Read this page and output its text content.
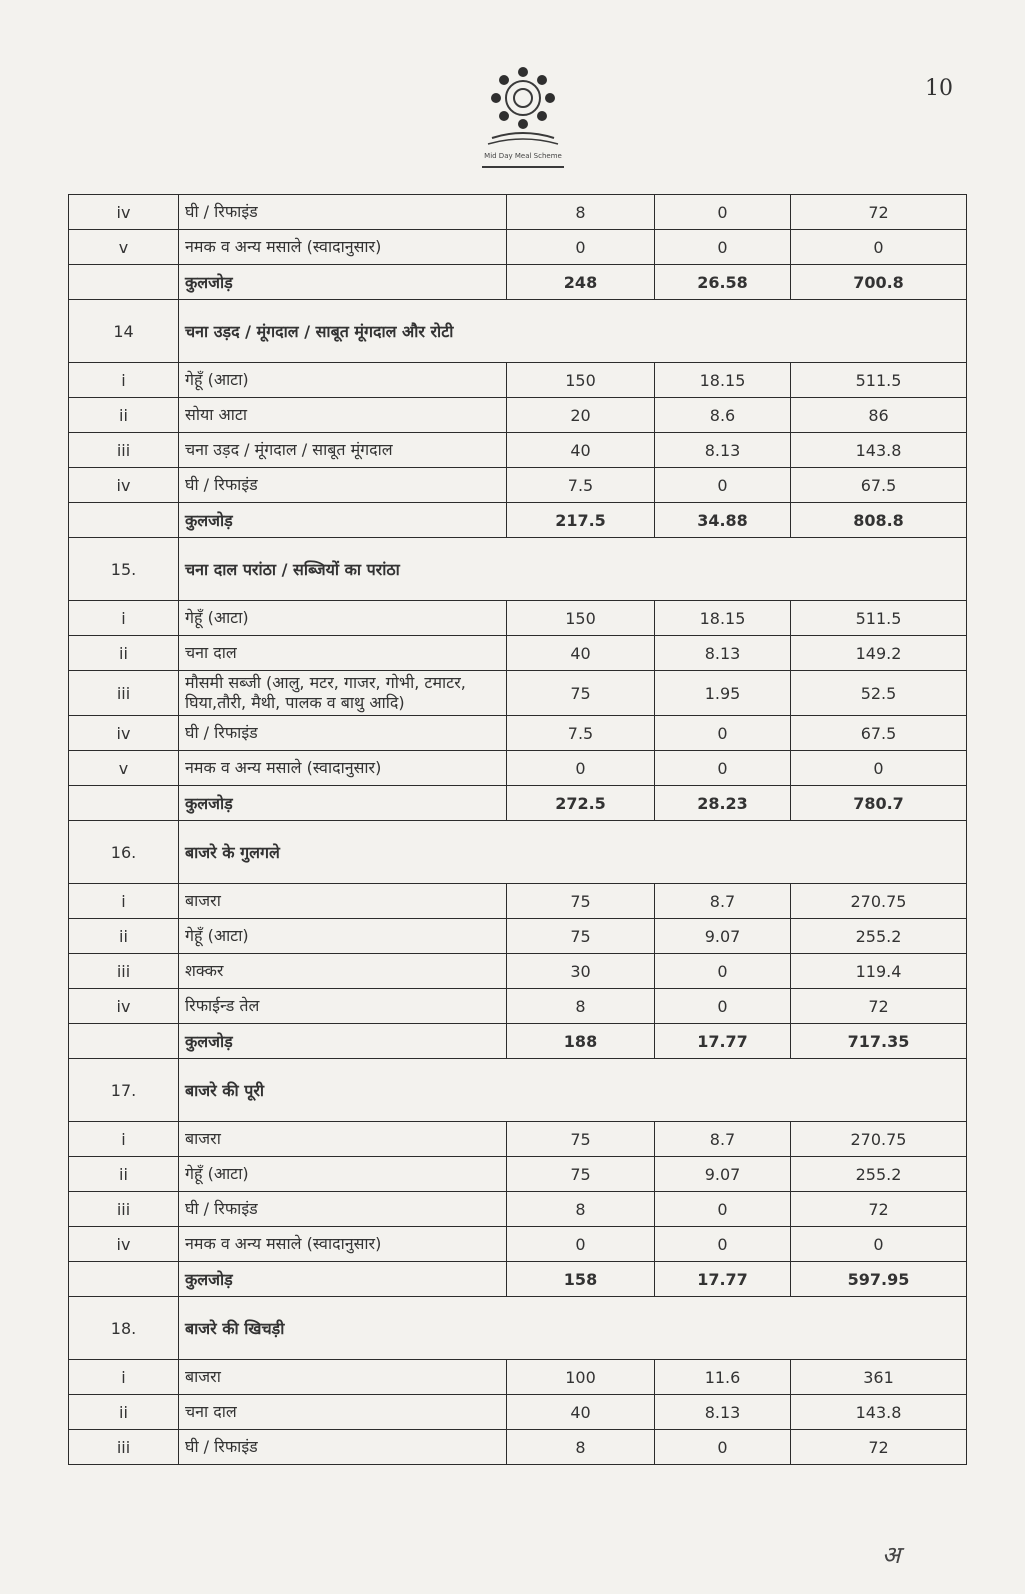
10
Mid Day Meal Scheme
iv	घी / रिफाइंड	8	0	72
v	नमक व अन्य मसाले (स्वादानुसार)	0	0	0
	कुलजोड़	248	26.58	700.8
14	चना उड़द / मूंगदाल / साबूत मूंगदाल और रोटी			
i	गेहूँ (आटा)	150	18.15	511.5
ii	सोया आटा	20	8.6	86
iii	चना उड़द / मूंगदाल / साबूत मूंगदाल	40	8.13	143.8
iv	घी / रिफाइंड	7.5	0	67.5
	कुलजोड़	217.5	34.88	808.8
15.	चना दाल परांठा / सब्जियों का परांठा			
i	गेहूँ (आटा)	150	18.15	511.5
ii	चना दाल	40	8.13	149.2
iii	मौसमी सब्जी (आलु, मटर, गाजर, गोभी, टमाटर, घिया,तौरी, मैथी, पालक व बाथु आदि)	75	1.95	52.5
iv	घी / रिफाइंड	7.5	0	67.5
v	नमक व अन्य मसाले (स्वादानुसार)	0	0	0
	कुलजोड़	272.5	28.23	780.7
16.	बाजरे के गुलगले			
i	बाजरा	75	8.7	270.75
ii	गेहूँ (आटा)	75	9.07	255.2
iii	शक्कर	30	0	119.4
iv	रिफाईन्ड तेल	8	0	72
	कुलजोड़	188	17.77	717.35
17.	बाजरे की पूरी			
i	बाजरा	75	8.7	270.75
ii	गेहूँ (आटा)	75	9.07	255.2
iii	घी / रिफाइंड	8	0	72
iv	नमक व अन्य मसाले (स्वादानुसार)	0	0	0
	कुलजोड़	158	17.77	597.95
18.	बाजरे की खिचड़ी			
i	बाजरा	100	11.6	361
ii	चना दाल	40	8.13	143.8
iii	घी / रिफाइंड	8	0	72
अ
